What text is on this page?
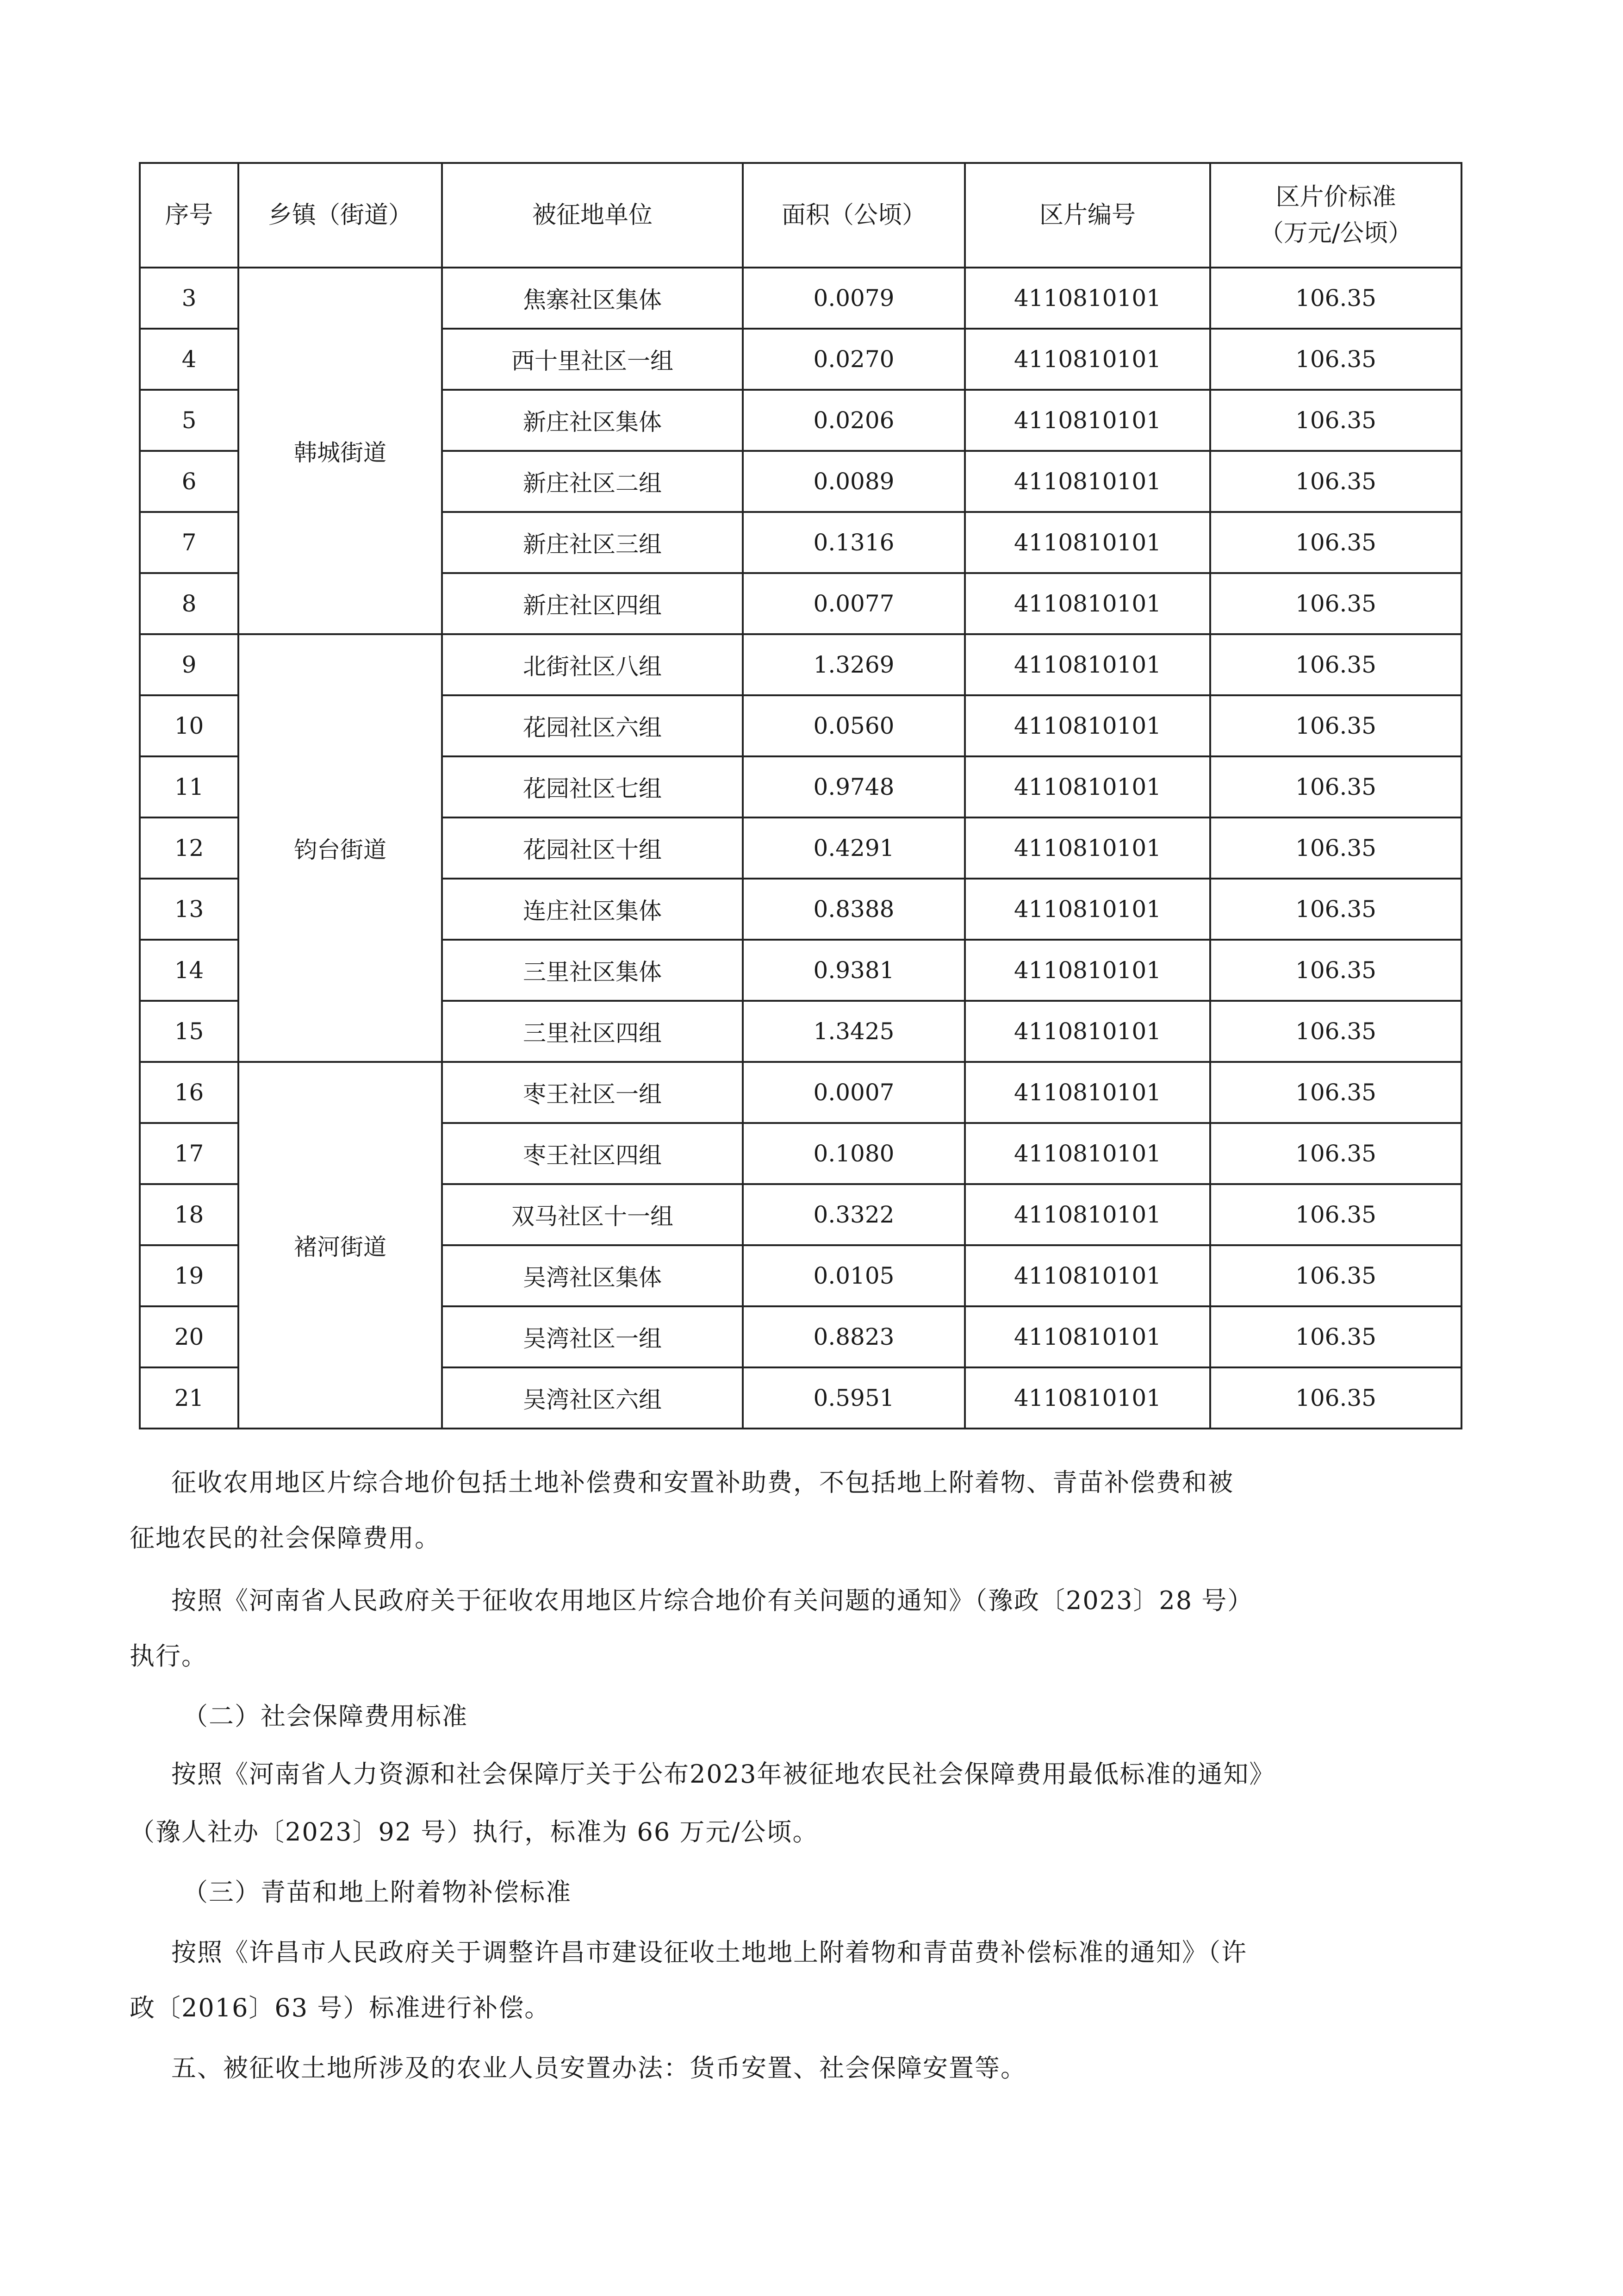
序号	乡镇（街道）	被征地单位	面积（公顷）	区片编号	区片价标准
（万元/公顷）
3	韩城街道	焦寨社区集体	0.0079	4110810101	106.35
4		西十里社区一组	0.0270	4110810101	106.35
5		新庄社区集体	0.0206	4110810101	106.35
6		新庄社区二组	0.0089	4110810101	106.35
7		新庄社区三组	0.1316	4110810101	106.35
8		新庄社区四组	0.0077	4110810101	106.35
9	钧台街道	北街社区八组	1.3269	4110810101	106.35
10		花园社区六组	0.0560	4110810101	106.35
11		花园社区七组	0.9748	4110810101	106.35
12		花园社区十组	0.4291	4110810101	106.35
13		连庄社区集体	0.8388	4110810101	106.35
14		三里社区集体	0.9381	4110810101	106.35
15		三里社区四组	1.3425	4110810101	106.35
16	褚河街道	枣王社区一组	0.0007	4110810101	106.35
17		枣王社区四组	0.1080	4110810101	106.35
18		双马社区十一组	0.3322	4110810101	106.35
19		吴湾社区集体	0.0105	4110810101	106.35
20		吴湾社区一组	0.8823	4110810101	106.35
21		吴湾社区六组	0.5951	4110810101	106.35

征收农用地区片综合地价包括土地补偿费和安置补助费，不包括地上附着物、青苗补偿费和被

征地农民的社会保障费用。

按照《河南省人民政府关于征收农用地区片综合地价有关问题的通知》（豫政〔2023〕28 号）

执行。

（二）社会保障费用标准

按照《河南省人力资源和社会保障厅关于公布2023年被征地农民社会保障费用最低标准的通知》

（豫人社办〔2023〕92 号）执行，标准为 66 万元/公顷。

（三）青苗和地上附着物补偿标准

按照《许昌市人民政府关于调整许昌市建设征收土地地上附着物和青苗费补偿标准的通知》（许

政〔2016〕63 号）标准进行补偿。

五、被征收土地所涉及的农业人员安置办法：货币安置、社会保障安置等。
